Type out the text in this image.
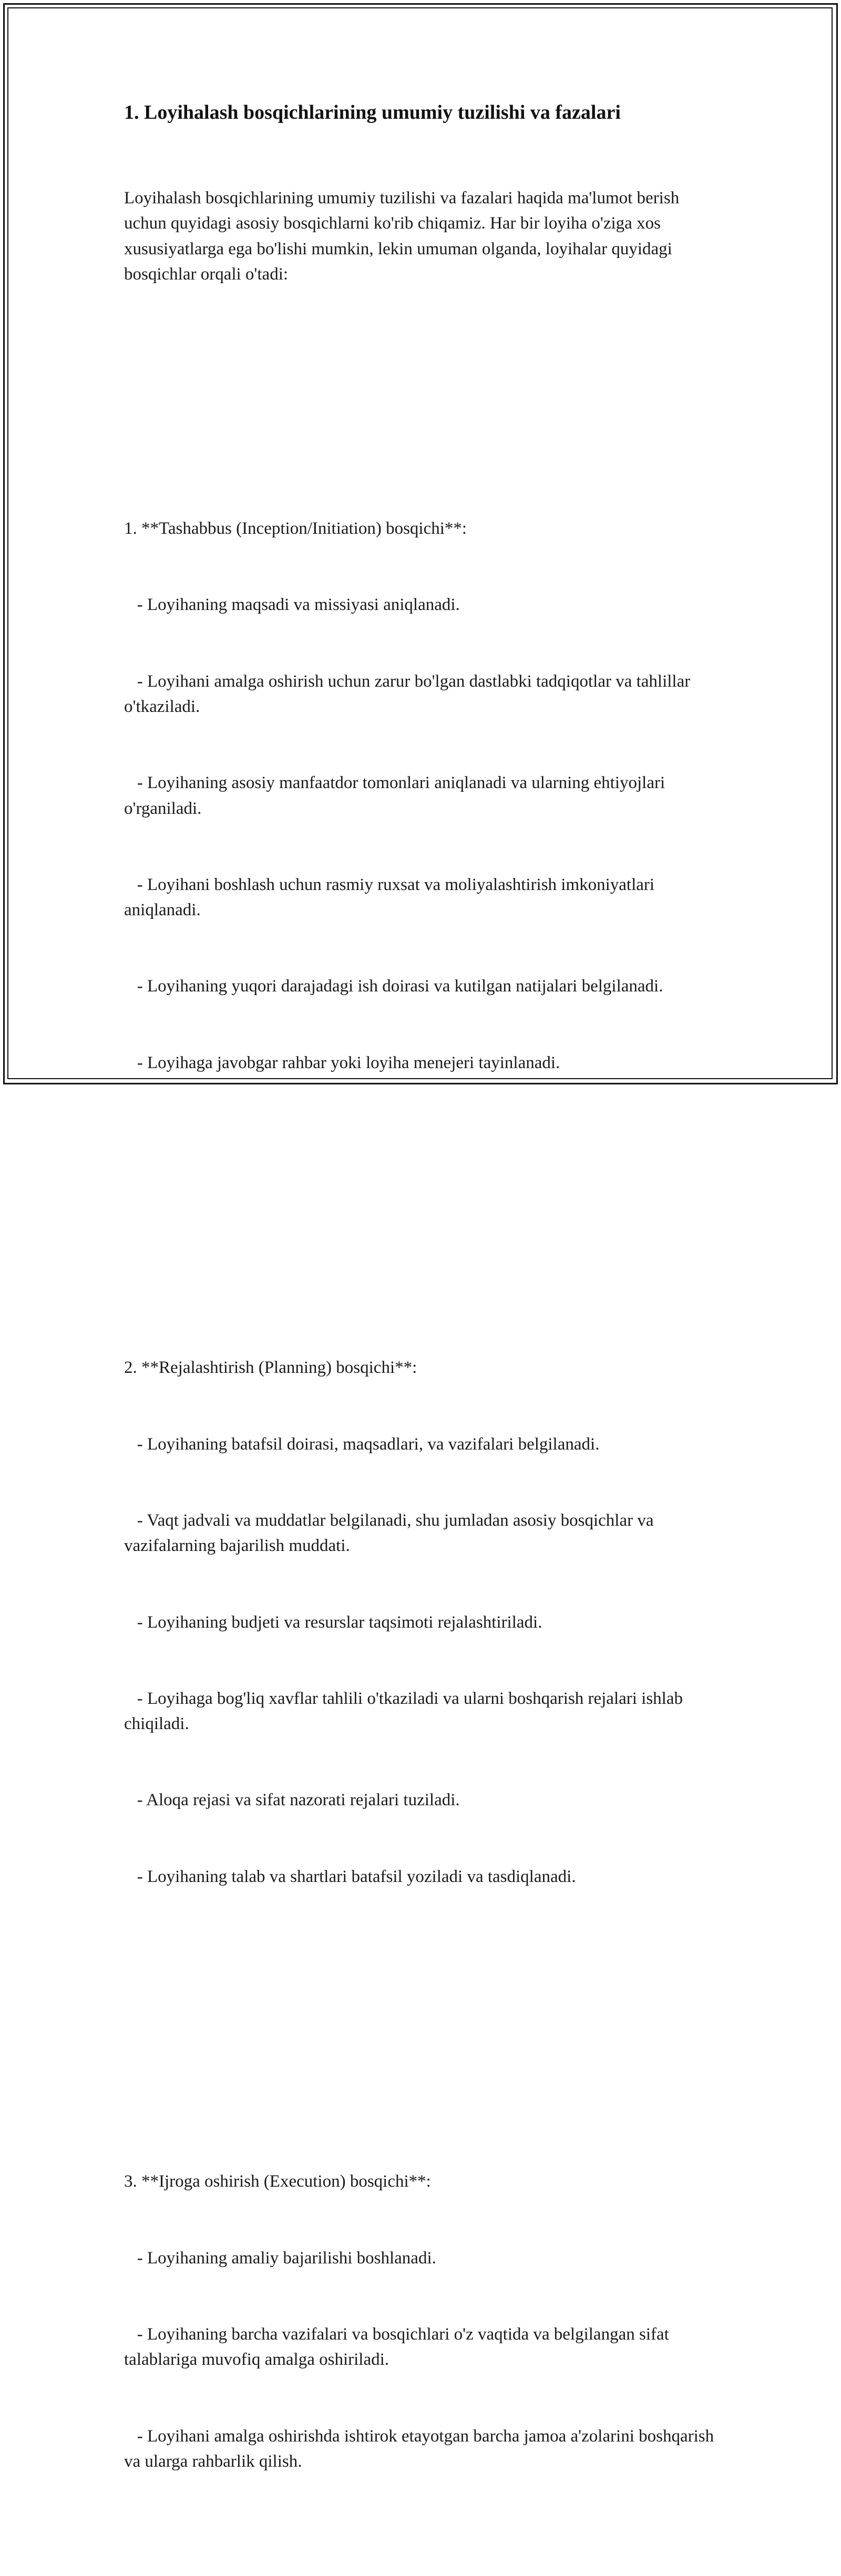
1. Loyihalash bosqichlarining umumiy tuzilishi va fazalari

Loyihalash bosqichlarining umumiy tuzilishi va fazalari haqida ma'lumot berish uchun quyidagi asosiy bosqichlarni ko'rib chiqamiz. Har bir loyiha o'ziga xos xususiyatlarga ega bo'lishi mumkin, lekin umuman olganda, loyihalar quyidagi bosqichlar orqali o'tadi:

1. **Tashabbus (Inception/Initiation) bosqichi**:

- Loyihaning maqsadi va missiyasi aniqlanadi.

- Loyihani amalga oshirish uchun zarur bo'lgan dastlabki tadqiqotlar va tahlillar o'tkaziladi.

- Loyihaning asosiy manfaatdor tomonlari aniqlanadi va ularning ehtiyojlari o'rganiladi.

- Loyihani boshlash uchun rasmiy ruxsat va moliyalashtirish imkoniyatlari aniqlanadi.

- Loyihaning yuqori darajadagi ish doirasi va kutilgan natijalari belgilanadi.

- Loyihaga javobgar rahbar yoki loyiha menejeri tayinlanadi.

2. **Rejalashtirish (Planning) bosqichi**:

- Loyihaning batafsil doirasi, maqsadlari, va vazifalari belgilanadi.

- Vaqt jadvali va muddatlar belgilanadi, shu jumladan asosiy bosqichlar va vazifalarning bajarilish muddati.

- Loyihaning budjeti va resurslar taqsimoti rejalashtiriladi.

- Loyihaga bog'liq xavflar tahlili o'tkaziladi va ularni boshqarish rejalari ishlab chiqiladi.

- Aloqa rejasi va sifat nazorati rejalari tuziladi.

- Loyihaning talab va shartlari batafsil yoziladi va tasdiqlanadi.

3. **Ijroga oshirish (Execution) bosqichi**:

- Loyihaning amaliy bajarilishi boshlanadi.

- Loyihaning barcha vazifalari va bosqichlari o'z vaqtida va belgilangan sifat talablariga muvofiq amalga oshiriladi.

- Loyihani amalga oshirishda ishtirok etayotgan barcha jamoa a'zolarini boshqarish va ularga rahbarlik qilish.
